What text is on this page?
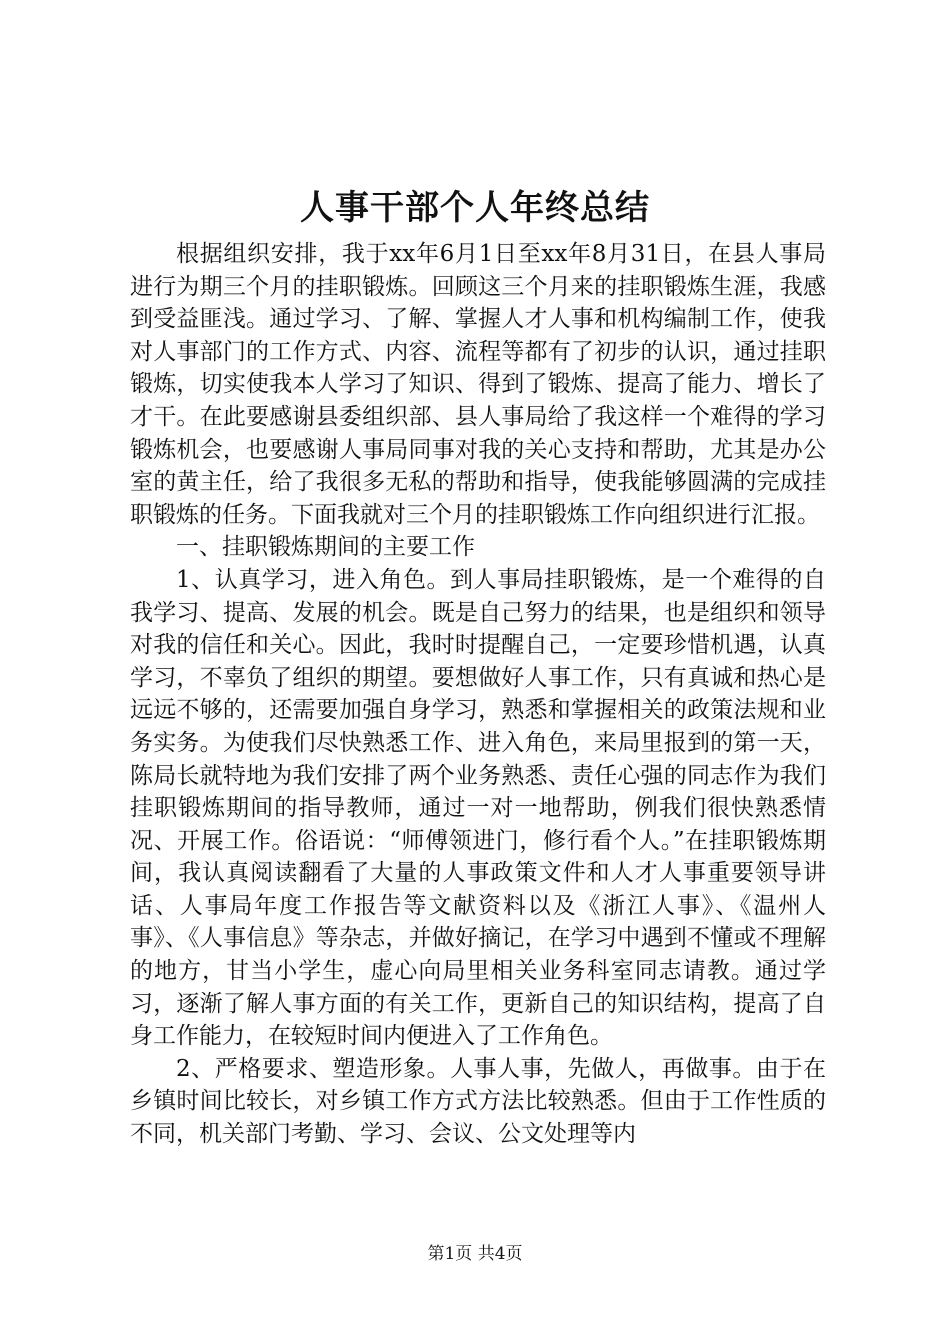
人事干部个人年终总结

根据组织安排，我于xx年6月1日至xx年8月31日，在县人事局进行为期三个月的挂职锻炼。回顾这三个月来的挂职锻炼生涯，我感到受益匪浅。通过学习、了解、掌握人才人事和机构编制工作，使我对人事部门的工作方式、内容、流程等都有了初步的认识，通过挂职锻炼，切实使我本人学习了知识、得到了锻炼、提高了能力、增长了才干。在此要感谢县委组织部、县人事局给了我这样一个难得的学习锻炼机会，也要感谢人事局同事对我的关心支持和帮助，尤其是办公室的黄主任，给了我很多无私的帮助和指导，使我能够圆满的完成挂职锻炼的任务。下面我就对三个月的挂职锻炼工作向组织进行汇报。

一、挂职锻炼期间的主要工作

1、认真学习，进入角色。到人事局挂职锻炼，是一个难得的自我学习、提高、发展的机会。既是自己努力的结果，也是组织和领导对我的信任和关心。因此，我时时提醒自己，一定要珍惜机遇，认真学习，不辜负了组织的期望。要想做好人事工作，只有真诚和热心是远远不够的，还需要加强自身学习，熟悉和掌握相关的政策法规和业务实务。为使我们尽快熟悉工作、进入角色，来局里报到的第一天，陈局长就特地为我们安排了两个业务熟悉、责任心强的同志作为我们挂职锻炼期间的指导教师，通过一对一地帮助，例我们很快熟悉情况、开展工作。俗语说：“师傅领进门，修行看个人。”在挂职锻炼期间，我认真阅读翻看了大量的人事政策文件和人才人事重要领导讲话、人事局年度工作报告等文献资料以及《浙江人事》、《温州人事》、《人事信息》等杂志，并做好摘记，在学习中遇到不懂或不理解的地方，甘当小学生，虚心向局里相关业务科室同志请教。通过学习，逐渐了解人事方面的有关工作，更新自己的知识结构，提高了自身工作能力，在较短时间内便进入了工作角色。

2、严格要求、塑造形象。人事人事，先做人，再做事。由于在乡镇时间比较长，对乡镇工作方式方法比较熟悉。但由于工作性质的不同，机关部门考勤、学习、会议、公文处理等内

第1页 共4页
